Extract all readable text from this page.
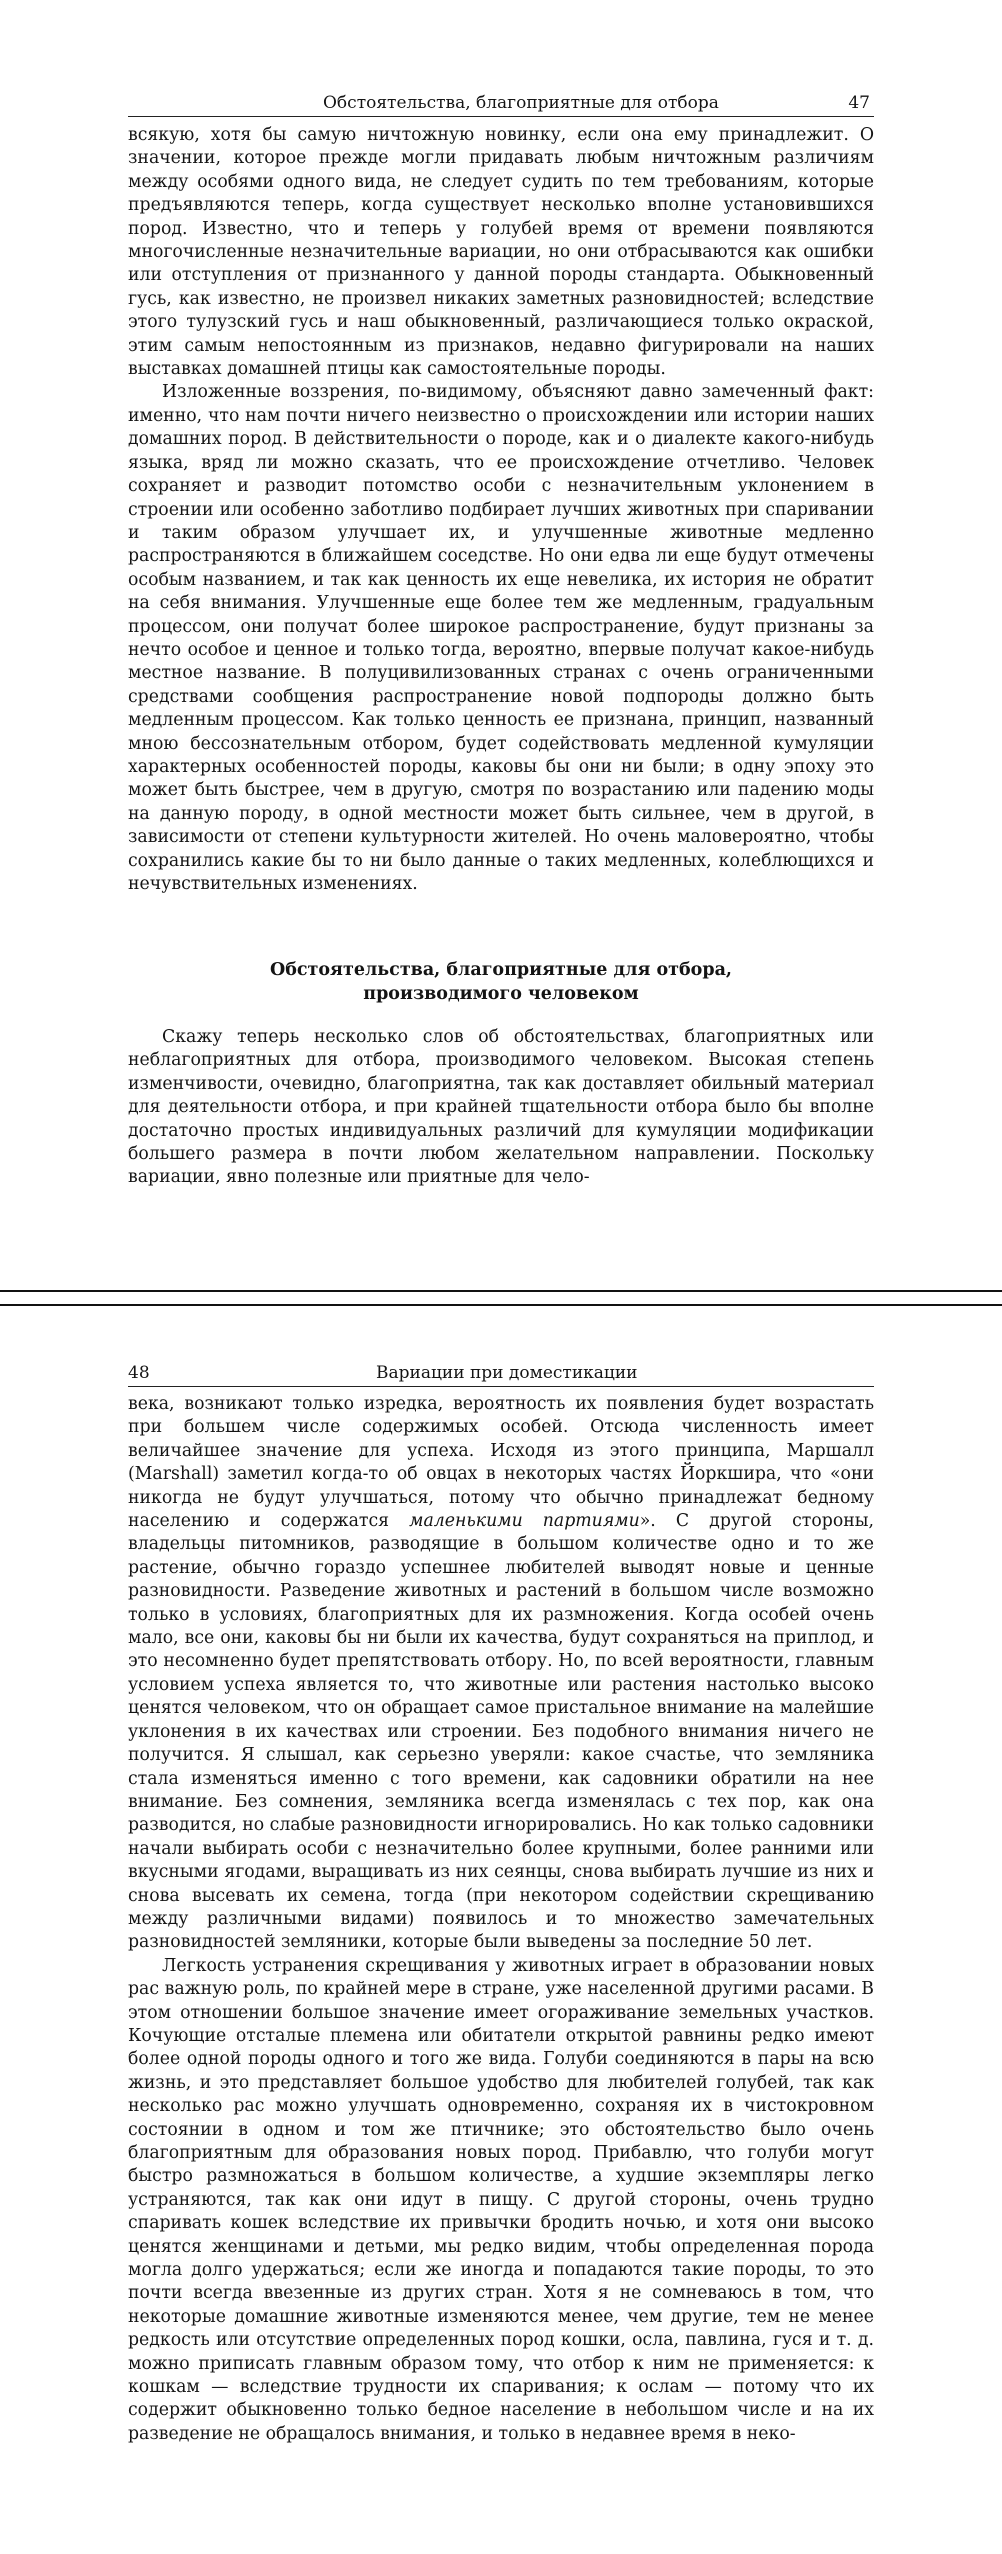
Обстоятельства, благоприятные для отбора	47

всякую, хотя бы самую ничтожную новинку, если она ему принадлежит. О значении, которое прежде могли придавать любым ничтожным различиям между особями одного вида, не следует судить по тем требованиям, которые предъявляются теперь, когда существует несколько вполне установившихся пород. Известно, что и теперь у голубей время от времени появляются многочисленные незначительные вариации, но они отбрасываются как ошибки или отступления от признанного у данной породы стандарта. Обыкновенный гусь, как известно, не произвел никаких заметных разновидностей; вследствие этого тулузский гусь и наш обыкновенный, различающиеся только окраской, этим самым непостоянным из признаков, недавно фигурировали на наших выставках домашней птицы как самостоятельные породы.

Изложенные воззрения, по-видимому, объясняют давно замеченный факт: именно, что нам почти ничего неизвестно о происхождении или истории наших домашних пород. В действительности о породе, как и о диалекте какого-нибудь языка, вряд ли можно сказать, что ее происхождение отчетливо. Человек сохраняет и разводит потомство особи с незначительным уклонением в строении или особенно заботливо подбирает лучших животных при спаривании и таким образом улучшает их, и улучшенные животные медленно распространяются в ближайшем соседстве. Но они едва ли еще будут отмечены особым названием, и так как ценность их еще невелика, их история не обратит на себя внимания. Улучшенные еще более тем же медленным, градуальным процессом, они получат более широкое распространение, будут признаны за нечто особое и ценное и только тогда, вероятно, впервые получат какое-нибудь местное название. В полуцивилизованных странах с очень ограниченными средствами сообщения распространение новой подпороды должно быть медленным процессом. Как только ценность ее признана, принцип, названный мною бессознательным отбором, будет содействовать медленной кумуляции характерных особенностей породы, каковы бы они ни были; в одну эпоху это может быть быстрее, чем в другую, смотря по возрастанию или падению моды на данную породу, в одной местности может быть сильнее, чем в другой, в зависимости от степени культурности жителей. Но очень маловероятно, чтобы сохранились какие бы то ни было данные о таких медленных, колеблющихся и нечувствительных изменениях.

Обстоятельства, благоприятные для отбора,
производимого человеком

Скажу теперь несколько слов об обстоятельствах, благоприятных или неблагоприятных для отбора, производимого человеком. Высокая степень изменчивости, очевидно, благоприятна, так как доставляет обильный материал для деятельности отбора, и при крайней тщательности отбора было бы вполне достаточно простых индивидуальных различий для кумуляции модификации большего размера в почти любом желательном направлении. Поскольку вариации, явно полезные или приятные для чело-

48	Вариации при доместикации

века, возникают только изредка, вероятность их появления будет возрастать при большем числе содержимых особей. Отсюда численность имеет величайшее значение для успеха. Исходя из этого принципа, Маршалл (Marshall) заметил когда-то об овцах в некоторых частях Йоркшира, что «они никогда не будут улучшаться, потому что обычно принадлежат бедному населению и содержатся маленькими партиями». С другой стороны, владельцы питомников, разводящие в большом количестве одно и то же растение, обычно гораздо успешнее любителей выводят новые и ценные разновидности. Разведение животных и растений в большом числе возможно только в условиях, благоприятных для их размножения. Когда особей очень мало, все они, каковы бы ни были их качества, будут сохраняться на приплод, и это несомненно будет препятствовать отбору. Но, по всей вероятности, главным условием успеха является то, что животные или растения настолько высоко ценятся человеком, что он обращает самое пристальное внимание на малейшие уклонения в их качествах или строении. Без подобного внимания ничего не получится. Я слышал, как серьезно уверяли: какое счастье, что земляника стала изменяться именно с того времени, как садовники обратили на нее внимание. Без сомнения, земляника всегда изменялась с тех пор, как она разводится, но слабые разновидности игнорировались. Но как только садовники начали выбирать особи с незначительно более крупными, более ранними или вкусными ягодами, выращивать из них сеянцы, снова выбирать лучшие из них и снова высевать их семена, тогда (при некотором содействии скрещиванию между различными видами) появилось и то множество замечательных разновидностей земляники, которые были выведены за последние 50 лет.

Легкость устранения скрещивания у животных играет в образовании новых рас важную роль, по крайней мере в стране, уже населенной другими расами. В этом отношении большое значение имеет огораживание земельных участков. Кочующие отсталые племена или обитатели открытой равнины редко имеют более одной породы одного и того же вида. Голуби соединяются в пары на всю жизнь, и это представляет большое удобство для любителей голубей, так как несколько рас можно улучшать одновременно, сохраняя их в чистокровном состоянии в одном и том же птичнике; это обстоятельство было очень благоприятным для образования новых пород. Прибавлю, что голуби могут быстро размножаться в большом количестве, а худшие экземпляры легко устраняются, так как они идут в пищу. С другой стороны, очень трудно спаривать кошек вследствие их привычки бродить ночью, и хотя они высоко ценятся женщинами и детьми, мы редко видим, чтобы определенная порода могла долго удержаться; если же иногда и попадаются такие породы, то это почти всегда ввезенные из других стран. Хотя я не сомневаюсь в том, что некоторые домашние животные изменяются менее, чем другие, тем не менее редкость или отсутствие определенных пород кошки, осла, павлина, гуся и т. д. можно приписать главным образом тому, что отбор к ним не применяется: к кошкам — вследствие трудности их спаривания; к ослам — потому что их содержит обыкновенно только бедное население в небольшом числе и на их разведение не обращалось внимания, и только в недавнее время в неко-
